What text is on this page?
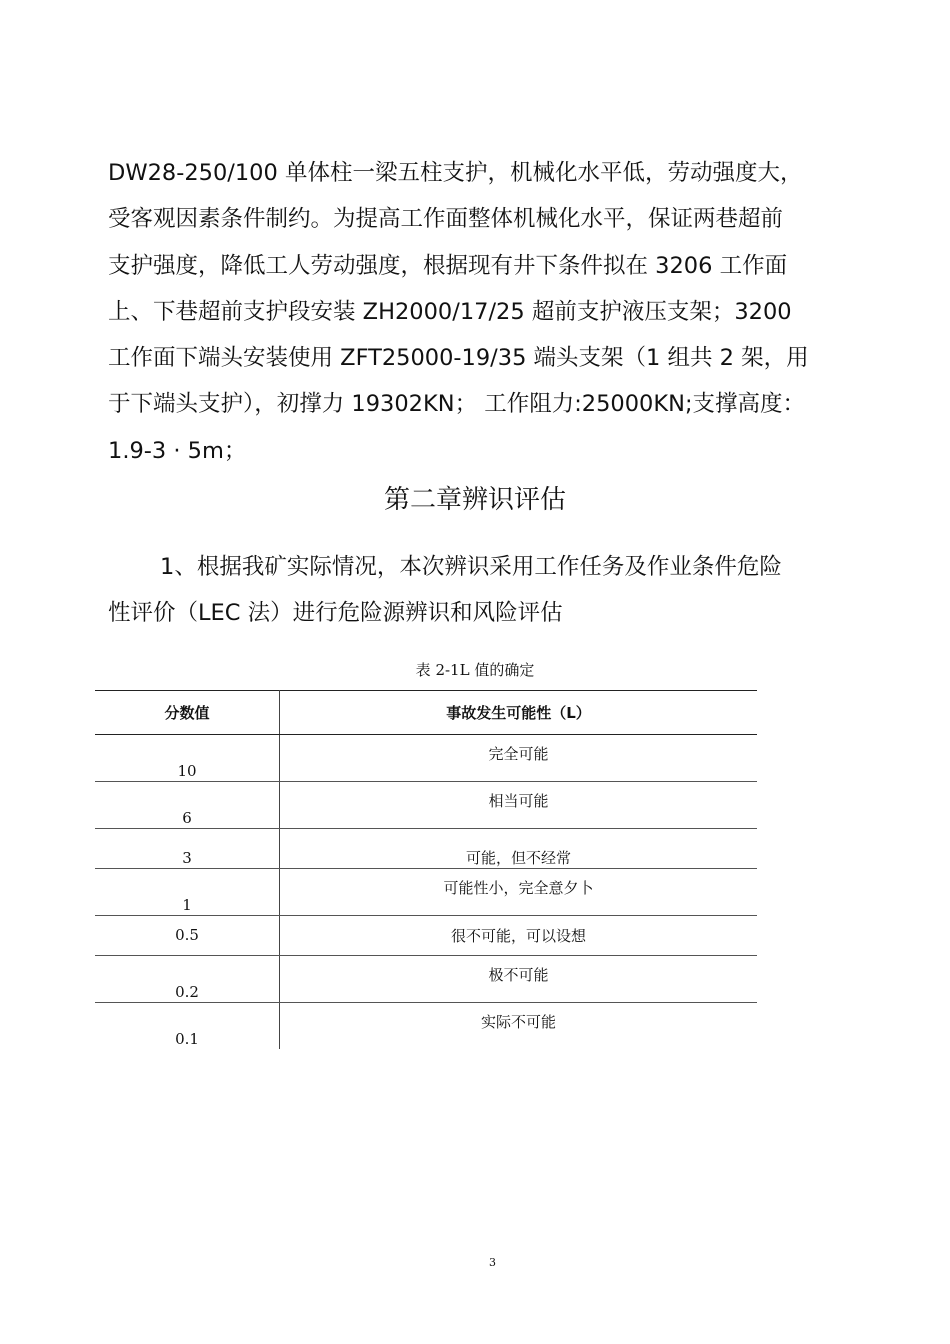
DW28-250/100 单体柱一梁五柱支护，机械化水平低，劳动强度大，
受客观因素条件制约。为提高工作面整体机械化水平，保证两巷超前
支护强度，降低工人劳动强度，根据现有井下条件拟在 3206 工作面
上、下巷超前支护段安装 ZH2000/17/25 超前支护液压支架；3200
工作面下端头安装使用 ZFT25000-19/35 端头支架（1 组共 2 架，用
于下端头支护），初撑力 19302KN； 工作阻力:25000KN;支撑高度：
1.9-3 · 5m；
第二章辨识评估
1、根据我矿实际情况，本次辨识采用工作任务及作业条件危险
性评价（LEC 法）进行危险源辨识和风险评估
表 2-1L 值的确定
分数值	事故发生可能性（L）
10	完全可能
6	相当可能
3	可能，但不经常
1	可能性小，完全意夕卜
0.5	很不可能，可以设想
0.2	极不可能
0.1	实际不可能
3
